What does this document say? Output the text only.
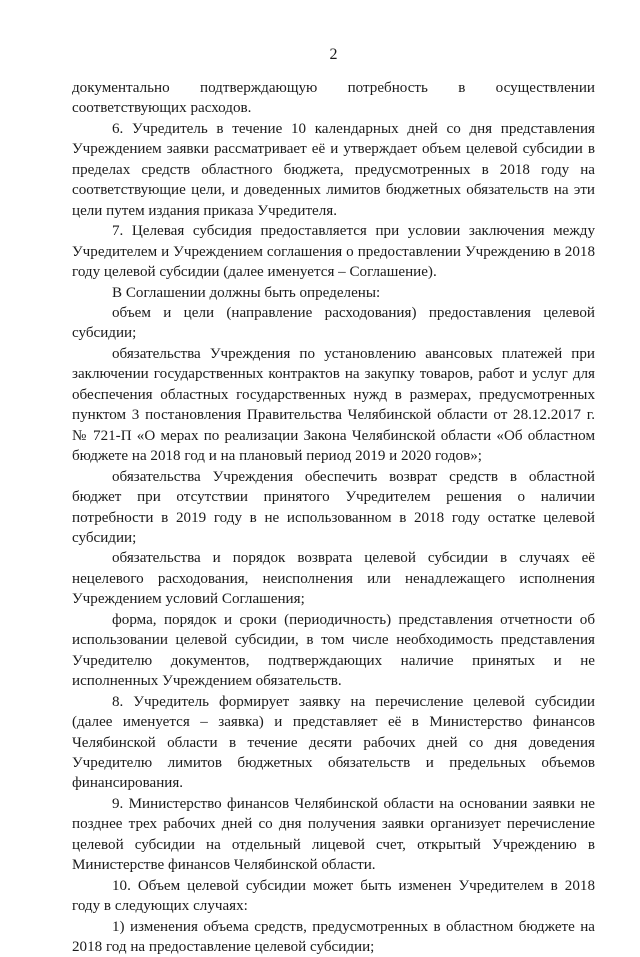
2

документально подтверждающую потребность в осуществлении соответствующих расходов.

6. Учредитель в течение 10 календарных дней со дня представления Учреждением заявки рассматривает её и утверждает объем целевой субсидии в пределах средств областного бюджета, предусмотренных в 2018 году на соответствующие цели, и доведенных лимитов бюджетных обязательств на эти цели путем издания приказа Учредителя.

7. Целевая субсидия предоставляется при условии заключения между Учредителем и Учреждением соглашения о предоставлении Учреждению в 2018 году целевой субсидии (далее именуется – Соглашение).

В Соглашении должны быть определены:

объем и цели (направление расходования) предоставления целевой субсидии;

обязательства Учреждения по установлению авансовых платежей при заключении государственных контрактов на закупку товаров, работ и услуг для обеспечения областных государственных нужд в размерах, предусмотренных пунктом 3 постановления Правительства Челябинской области от 28.12.2017 г. № 721-П «О мерах по реализации Закона Челябинской области «Об областном бюджете на 2018 год и на плановый период 2019 и 2020 годов»;

обязательства Учреждения обеспечить возврат средств в областной бюджет при отсутствии принятого Учредителем решения о наличии потребности в 2019 году в не использованном в 2018 году остатке целевой субсидии;

обязательства и порядок возврата целевой субсидии в случаях её нецелевого расходования, неисполнения или ненадлежащего исполнения Учреждением условий Соглашения;

форма, порядок и сроки (периодичность) представления отчетности об использовании целевой субсидии, в том числе необходимость представления Учредителю документов, подтверждающих наличие принятых и не исполненных Учреждением обязательств.

8. Учредитель формирует заявку на перечисление целевой субсидии (далее именуется – заявка) и представляет её в Министерство финансов Челябинской области в течение десяти рабочих дней со дня доведения Учредителю лимитов бюджетных обязательств и предельных объемов финансирования.

9. Министерство финансов Челябинской области на основании заявки не позднее трех рабочих дней со дня получения заявки организует перечисление целевой субсидии на отдельный лицевой счет, открытый Учреждению в Министерстве финансов Челябинской области.

10. Объем целевой субсидии может быть изменен Учредителем в 2018 году в следующих случаях:

1) изменения объема средств, предусмотренных в областном бюджете на 2018 год на предоставление целевой субсидии;
